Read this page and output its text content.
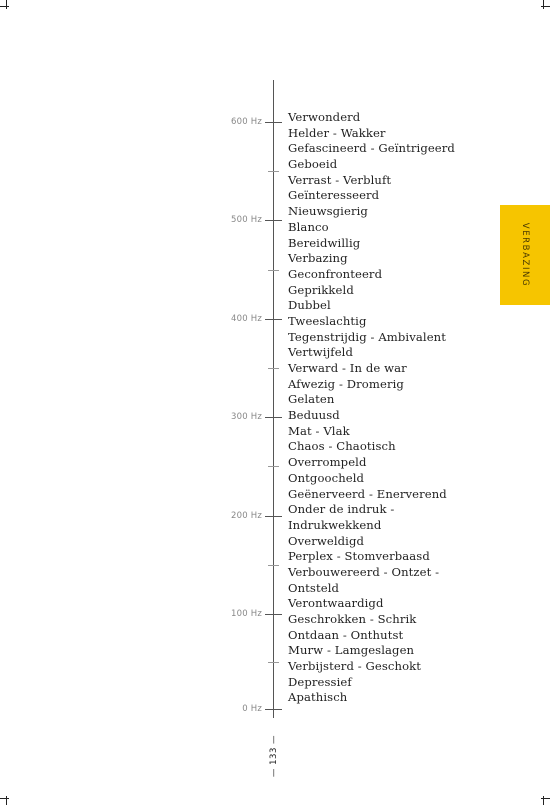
600 Hz
500 Hz
400 Hz
300 Hz
200 Hz
100 Hz
0 Hz
Verwonderd
Helder - Wakker
Gefascineerd - Geïntrigeerd
Geboeid
Verrast - Verbluft
Geïnteresseerd
Nieuwsgierig
Blanco
Bereidwillig
Verbazing
Geconfronteerd
Geprikkeld
Dubbel
Tweeslachtig
Tegenstrijdig - Ambivalent
Vertwijfeld
Verward - In de war
Afwezig - Dromerig
Gelaten
Beduusd
Mat - Vlak
Chaos - Chaotisch
Overrompeld
Ontgoocheld
Geënerveerd - Enerverend
Onder de indruk -
Indrukwekkend
Overweldigd
Perplex - Stomverbaasd
Verbouwereerd - Ontzet -
Ontsteld
Verontwaardigd
Geschrokken - Schrik
Ontdaan - Onthutst
Murw - Lamgeslagen
Verbijsterd - Geschokt
Depressief
Apathisch
VERBAZING
— 133 —
